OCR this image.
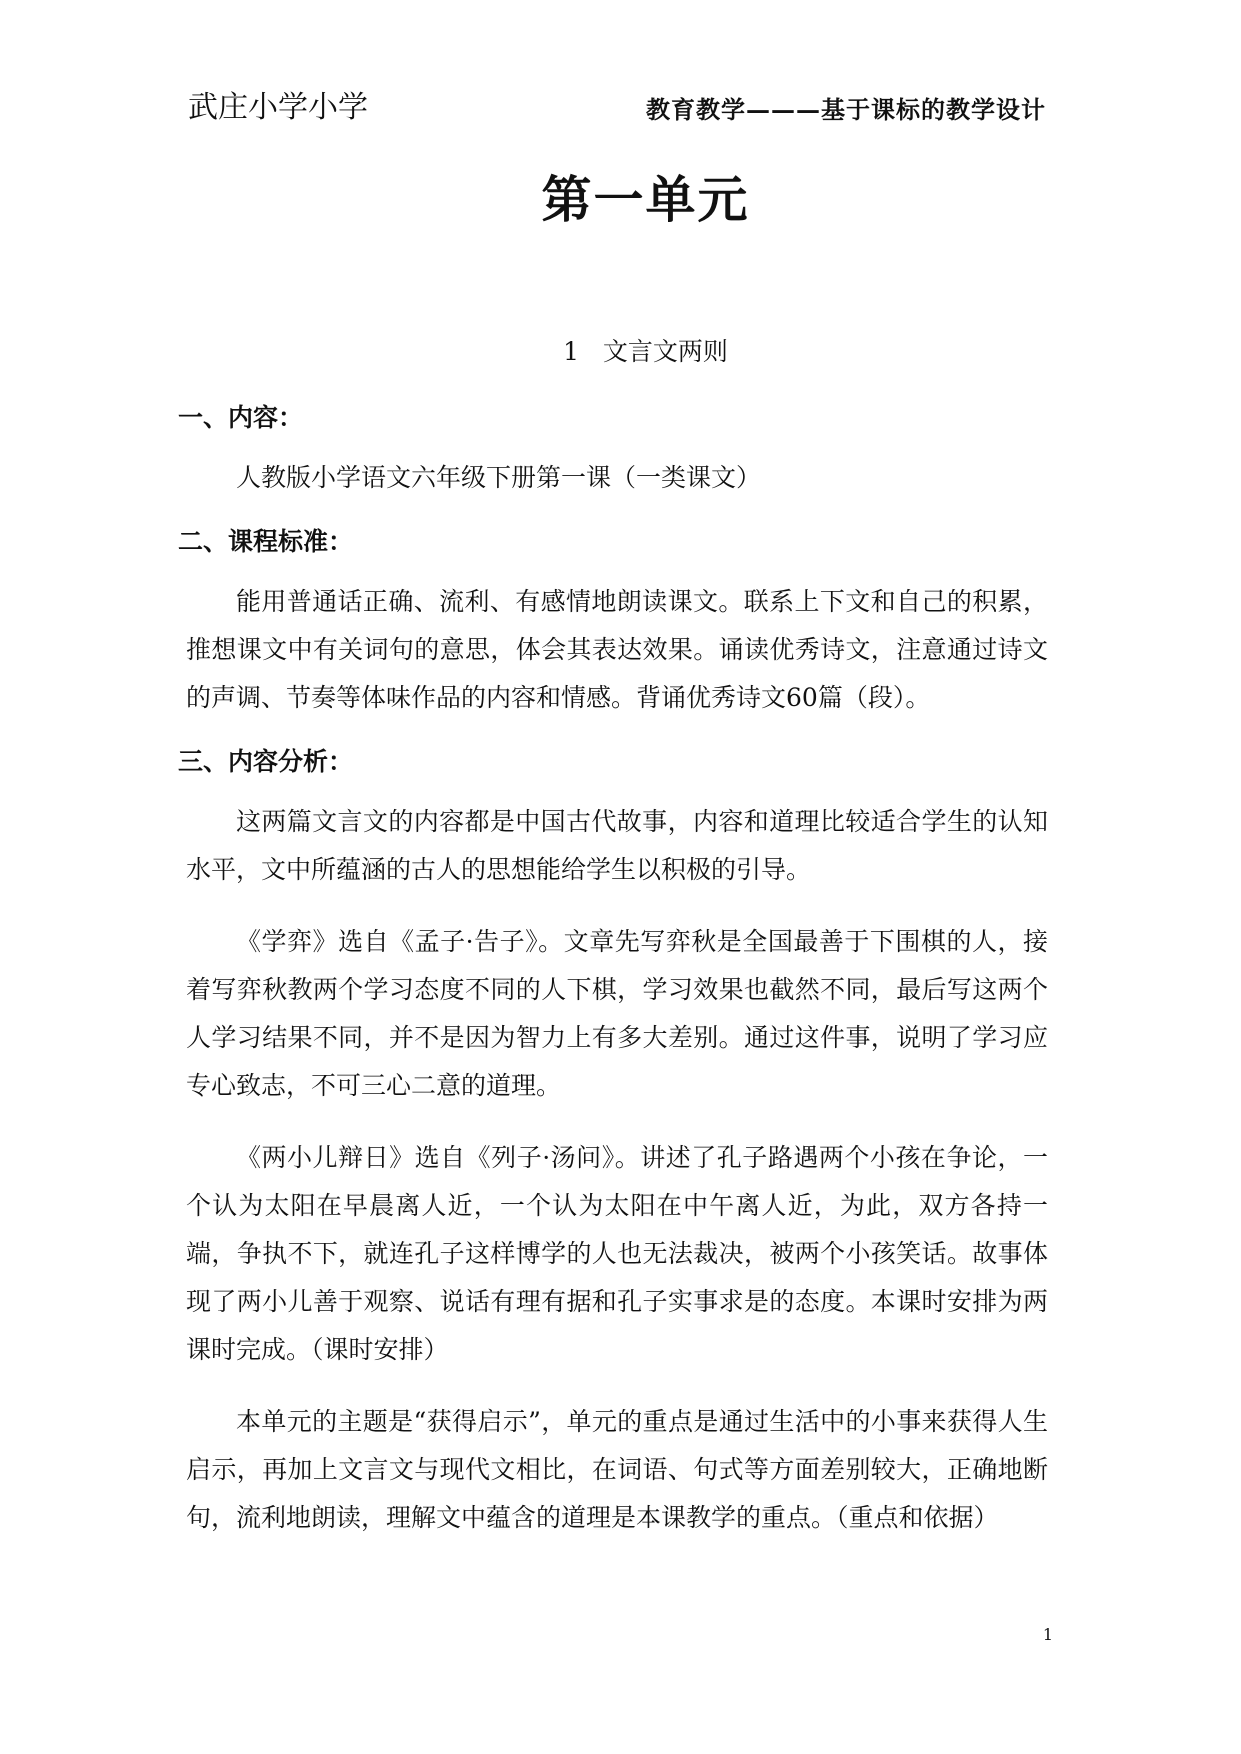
武庄小学小学	教育教学———基于课标的教学设计
第一单元
1   文言文两则
一、内容：

人教版小学语文六年级下册第一课（一类课文）

二、课程标准：

能用普通话正确、流利、有感情地朗读课文。联系上下文和自己的积累，推想课文中有关词句的意思，体会其表达效果。诵读优秀诗文，注意通过诗文的声调、节奏等体味作品的内容和情感。背诵优秀诗文60篇（段）。

三、内容分析：

这两篇文言文的内容都是中国古代故事，内容和道理比较适合学生的认知水平，文中所蕴涵的古人的思想能给学生以积极的引导。

《学弈》选自《孟子·告子》。文章先写弈秋是全国最善于下围棋的人，接着写弈秋教两个学习态度不同的人下棋，学习效果也截然不同，最后写这两个人学习结果不同，并不是因为智力上有多大差别。通过这件事，说明了学习应专心致志，不可三心二意的道理。

《两小儿辩日》选自《列子·汤问》。讲述了孔子路遇两个小孩在争论，一个认为太阳在早晨离人近，一个认为太阳在中午离人近，为此，双方各持一端，争执不下，就连孔子这样博学的人也无法裁决，被两个小孩笑话。故事体现了两小儿善于观察、说话有理有据和孔子实事求是的态度。本课时安排为两课时完成。（课时安排）

本单元的主题是“获得启示”，单元的重点是通过生活中的小事来获得人生启示，再加上文言文与现代文相比，在词语、句式等方面差别较大，正确地断句，流利地朗读，理解文中蕴含的道理是本课教学的重点。（重点和依据）

1
